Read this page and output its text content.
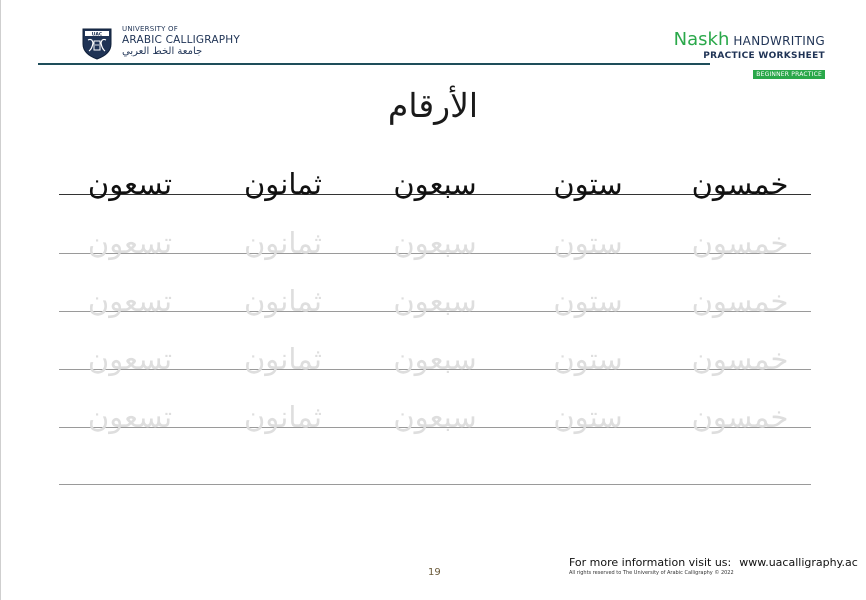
UAC
UNIVERSITY OF
ARABIC CALLIGRAPHY
جامعة الخط العربي
Naskh HANDWRITING
PRACTICE WORKSHEET
BEGINNER PRACTICE
الأرقام
خمسون
ستون
سبعون
ثمانون
تسعون
خمسون
ستون
سبعون
ثمانون
تسعون
خمسون
ستون
سبعون
ثمانون
تسعون
خمسون
ستون
سبعون
ثمانون
تسعون
خمسون
ستون
سبعون
ثمانون
تسعون
19
For more information visit us: www.uacalligraphy.ac
All rights reserved to The University of Arabic Calligraphy © 2022
